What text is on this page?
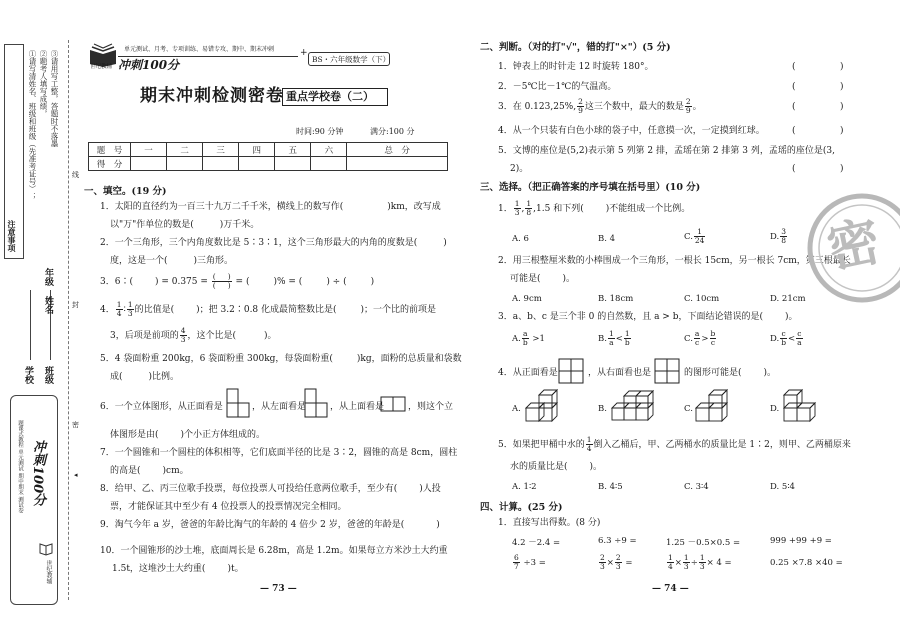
注意事项
①请写清姓名、班级和班级（先准考证号）； ②题考人填写成绩， ③请用写工整，答题时不落墨
学校 班级
年级
姓名
冲刺100分
题课式教程 单元测试 期中期末 测试卷
世纪教辅
线
封
密
世纪教辅 冲刺100分
单元测试、月考、专项训练、易错专攻、期中、期末冲刺	+
BS・六年级数学（下）
期末冲刺检测密卷 重点学校卷（二）
时间:90 分钟	满分:100 分
题　号	一	二	三	四	五	六	总　分
得　分							
一、填空。(19 分)
1．太阳的直径约为一百三十九万二千千米，横线上的数写作(	)km，改写成
以"万"作单位的数是(	)万千米。
2．一个三角形，三个内角度数比是 5∶3∶1，这个三角形最大的内角的度数是(	)
度，这是一个(	)三角形。
3．6∶( ) = $0.375 = \frac{( )}{( )}$ = (	)% = (	) ÷ (	)
4． $\frac{1}{4}$ ∶ $\frac{1}{3}$ 的比值是( )；把 3.2∶0.8 化成最简整数比是(	)；一个比的前项是
3，后项是前项的 $\frac{4}{3}$ ，这个比是(	)。
5．4 袋面粉重 200kg，6 袋面粉重 300kg，每袋面粉重(	)kg，面粉的总质量和袋数
成(	)比例。
6．一个立体图形，从正面看是	，从左面看是	，从上面看是	，则这个立
体图形是由( )个小正方体组成的。
7．一个圆锥和一个圆柱的体积相等，它们底面半径的比是 3∶2，圆锥的高是 8cm，圆柱
的高是( )cm。
8．给甲、乙、丙三位歌手投票，每位投票人可投给任意两位歌手，至少有( )人投
票，才能保证其中至少有 4 位投票人的投票情况完全相同。
9．淘气今年 a 岁，爸爸的年龄比淘气的年龄的 4 倍少 2 岁，爸爸的年龄是(	)
10．一个圆锥形的沙土堆，底面周长是 6.28m，高是 1.2m。如果每立方米沙土大约重
1.5t，这堆沙土大约重( )t。
— 73 —
二、判断。（对的打"√"，错的打"×"）(5 分)
1．钟表上的时针走 12 时旋转 180°。	(	)
2．－5℃比－1℃的气温高。	(	)
3．在 0.123,25%, $\frac{2}{9}$ 这三个数中，最大的数是 $\frac{2}{9}$ 。	(	)
4．从一个只装有白色小球的袋子中，任意摸一次，一定摸到红球。	(	)
5．文博的座位是(5,2)表示第 5 列第 2 排，孟瑶在第 2 排第 3 列，孟瑶的座位是(3,
2)。	(	)
三、选择。（把正确答案的序号填在括号里）(10 分)
1． $\frac{1}{3}$ , $\frac{1}{8} ,1.5$ 和下列( )不能组成一个比例。
A. 6	B. 4	C. $\frac{1}{24}$	D. $\frac{3}{8}$
2．用三根整厘米数的小棒围成一个三角形，一根长 15cm，另一根长 7cm，第三根最长
可能是( )。
A. 9cm	B. 18cm	C. 10cm	D. 21cm
3．a、b、c 是三个非 0 的自然数，且 a > b，下面结论错误的是( )。
A. $\frac{a}{b} >1$	B. $\frac{1}{a} < \frac{1}{b}$	C. $\frac{a}{c} > \frac{b}{c}$	D. $\frac{c}{b} < \frac{c}{a}$
4．从正面看是	，从右面看也是	的图形可能是( )。
A.	B.	C.	D.
5．如果把甲桶中水的 $\frac{1}{4}$ 倒入乙桶后，甲、乙两桶水的质量比是 1∶2，则甲、乙两桶原来
水的质量比是( )。
A. 1∶2	B. 4∶5	C. 3∶4	D. 5∶4
四、计算。(25 分)
1．直接写出得数。(8 分)
4.2 －2.4 =	6.3 ÷9 =	1.25 －0.5×0.5 =	999 +99 +9 =
$\frac{6}{7} \div 3$ =	$\frac{2}{3} \times \frac{2}{3}$ =	$\frac{1}{4} \times \frac{1}{3} \div \frac{1}{3} \times 4$ =	0.25 ×7.8 ×40 =
— 74 —
密
◂
